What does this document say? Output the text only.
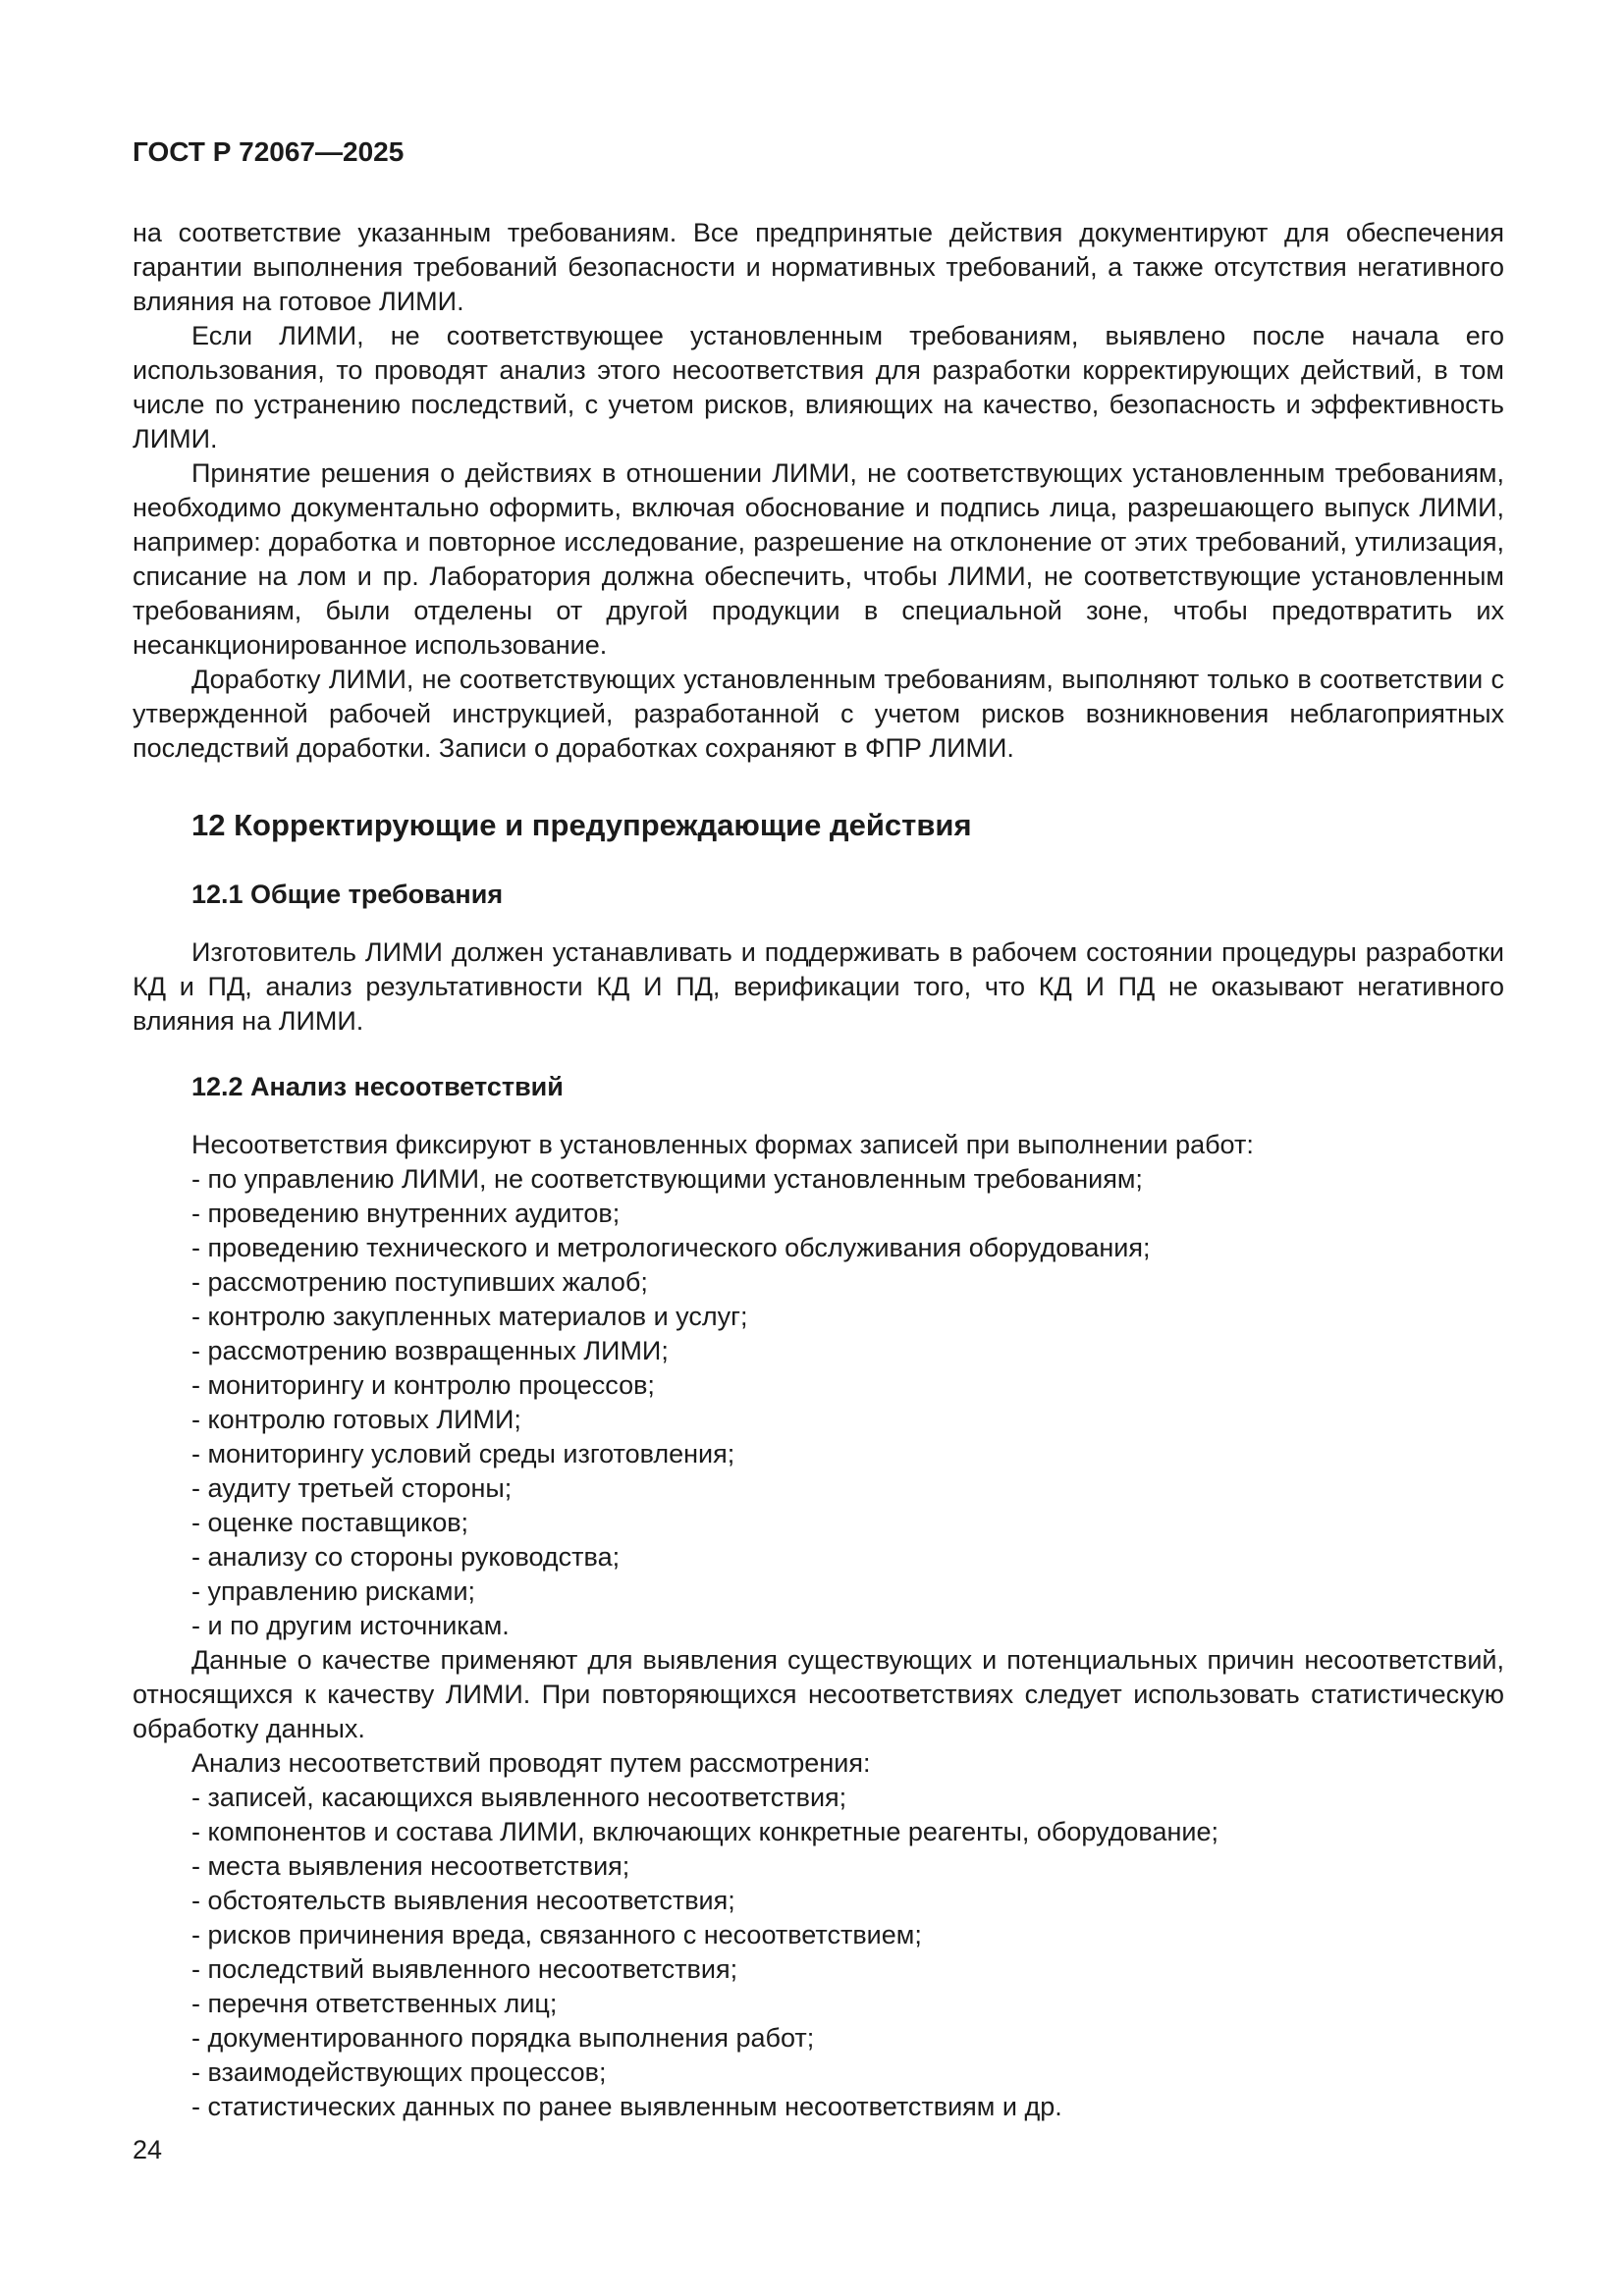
ГОСТ Р 72067—2025

на соответствие указанным требованиям. Все предпринятые действия документируют для обеспечения гарантии выполнения требований безопасности и нормативных требований, а также отсутствия негативного влияния на готовое ЛИМИ.

Если ЛИМИ, не соответствующее установленным требованиям, выявлено после начала его использования, то проводят анализ этого несоответствия для разработки корректирующих действий, в том числе по устранению последствий, с учетом рисков, влияющих на качество, безопасность и эффективность ЛИМИ.

Принятие решения о действиях в отношении ЛИМИ, не соответствующих установленным требованиям, необходимо документально оформить, включая обоснование и подпись лица, разрешающего выпуск ЛИМИ, например: доработка и повторное исследование, разрешение на отклонение от этих требований, утилизация, списание на лом и пр. Лаборатория должна обеспечить, чтобы ЛИМИ, не соответствующие установленным требованиям, были отделены от другой продукции в специальной зоне, чтобы предотвратить их несанкционированное использование.

Доработку ЛИМИ, не соответствующих установленным требованиям, выполняют только в соответствии с утвержденной рабочей инструкцией, разработанной с учетом рисков возникновения неблагоприятных последствий доработки. Записи о доработках сохраняют в ФПР ЛИМИ.

12 Корректирующие и предупреждающие действия
12.1 Общие требования

Изготовитель ЛИМИ должен устанавливать и поддерживать в рабочем состоянии процедуры разработки КД и ПД, анализ результативности КД И ПД, верификации того, что КД И ПД не оказывают негативного влияния на ЛИМИ.

12.2 Анализ несоответствий

Несоответствия фиксируют в установленных формах записей при выполнении работ:

- по управлению ЛИМИ, не соответствующими установленным требованиям;
- проведению внутренних аудитов;
- проведению технического и метрологического обслуживания оборудования;
- рассмотрению поступивших жалоб;
- контролю закупленных материалов и услуг;
- рассмотрению возвращенных ЛИМИ;
- мониторингу и контролю процессов;
- контролю готовых ЛИМИ;
- мониторингу условий среды изготовления;
- аудиту третьей стороны;
- оценке поставщиков;
- анализу со стороны руководства;
- управлению рисками;
- и по другим источникам.

Данные о качестве применяют для выявления существующих и потенциальных причин несоответствий, относящихся к качеству ЛИМИ. При повторяющихся несоответствиях следует использовать статистическую обработку данных.

Анализ несоответствий проводят путем рассмотрения:

- записей, касающихся выявленного несоответствия;
- компонентов и состава ЛИМИ, включающих конкретные реагенты, оборудование;
- места выявления несоответствия;
- обстоятельств выявления несоответствия;
- рисков причинения вреда, связанного с несоответствием;
- последствий выявленного несоответствия;
- перечня ответственных лиц;
- документированного порядка выполнения работ;
- взаимодействующих процессов;
- статистических данных по ранее выявленным несоответствиям и др.
24
